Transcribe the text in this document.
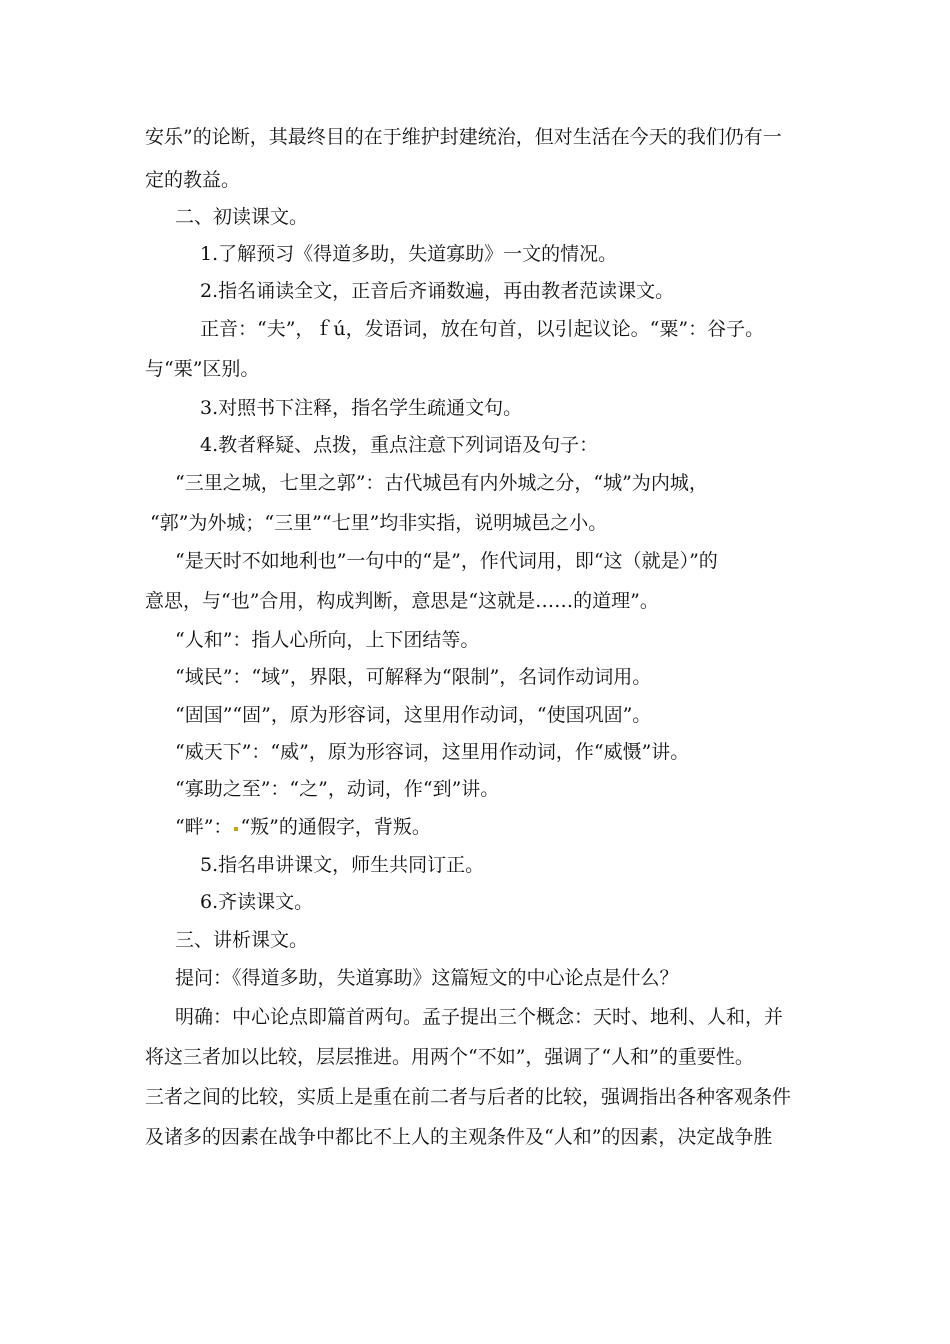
安乐”的论断，其最终目的在于维护封建统治，但对生活在今天的我们仍有一
定的教益。
二、初读课文。
1.了解预习《得道多助，失道寡助》一文的情况。
2.指名诵读全文，正音后齐诵数遍，再由教者范读课文。
正音：“夫”，ｆú，发语词，放在句首，以引起议论。“粟”：谷子。
与“栗”区别。
3.对照书下注释，指名学生疏通文句。
4.教者释疑、点拨，重点注意下列词语及句子：
“三里之城，七里之郭”：古代城邑有内外城之分，“城”为内城，
“郭”为外城；“三里”“七里”均非实指，说明城邑之小。
“是天时不如地利也”一句中的“是”，作代词用，即“这（就是）”的
意思，与“也”合用，构成判断，意思是“这就是……的道理”。
“人和”：指人心所向，上下团结等。
“域民”：“域”，界限，可解释为“限制”，名词作动词用。
“固国”“固”，原为形容词，这里用作动词，“使国巩固”。
“威天下”：“威”，原为形容词，这里用作动词，作“威慑”讲。
“寡助之至”：“之”，动词，作“到”讲。
“畔”： “叛”的通假字，背叛。
5.指名串讲课文，师生共同订正。
6.齐读课文。
三、讲析课文。
提问：《得道多助，失道寡助》这篇短文的中心论点是什么？
明确：中心论点即篇首两句。孟子提出三个概念：天时、地利、人和，并
将这三者加以比较，层层推进。用两个“不如”，强调了“人和”的重要性。
三者之间的比较，实质上是重在前二者与后者的比较，强调指出各种客观条件
及诸多的因素在战争中都比不上人的主观条件及“人和”的因素，决定战争胜
